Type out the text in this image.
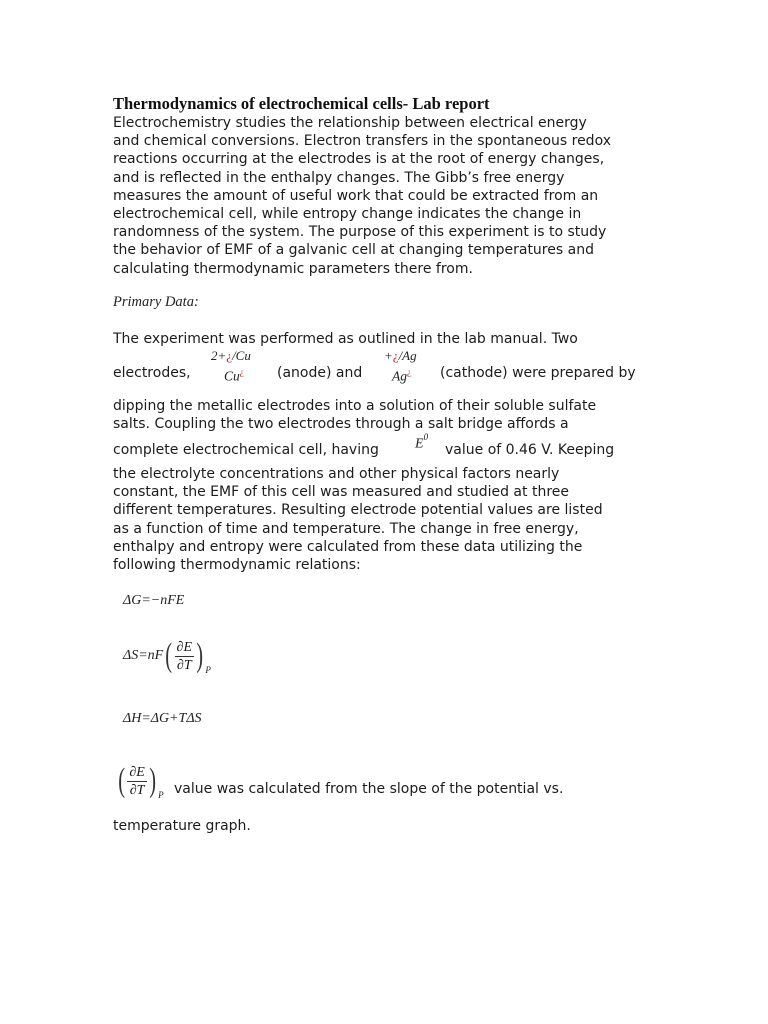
Thermodynamics of electrochemical cells- Lab report
Electrochemistry studies the relationship between electrical energy
and chemical conversions. Electron transfers in the spontaneous redox
reactions occurring at the electrodes is at the root of energy changes,
and is reflected in the enthalpy changes. The Gibb’s free energy
measures the amount of useful work that could be extracted from an
electrochemical cell, while entropy change indicates the change in
randomness of the system. The purpose of this experiment is to study
the behavior of EMF of a galvanic cell at changing temperatures and
calculating thermodynamic parameters there from.
Primary Data:
The experiment was performed as outlined in the lab manual. Two
electrodes,
2+¿/Cu
Cu¿ (anode) and
+¿/Ag
Ag¿ (cathode) were prepared by
dipping the metallic electrodes into a solution of their soluble sulfate
salts. Coupling the two electrodes through a salt bridge affords a
complete electrochemical cell, having	$E^0$
value of 0.46 V. Keeping
the electrolyte concentrations and other physical factors nearly
constant, the EMF of this cell was measured and studied at three
different temperatures. Resulting electrode potential values are listed
as a function of time and temperature. The change in free energy,
enthalpy and entropy were calculated from these data utilizing the
following thermodynamic relations:
ΔG=−nFE
ΔS=nF ( $\frac{\partial E}{\partial T}$ ) P
ΔH=ΔG+TΔS
( $\frac{\partial E}{\partial T}$ ) P value was calculated from the slope of the potential vs.
temperature graph.
